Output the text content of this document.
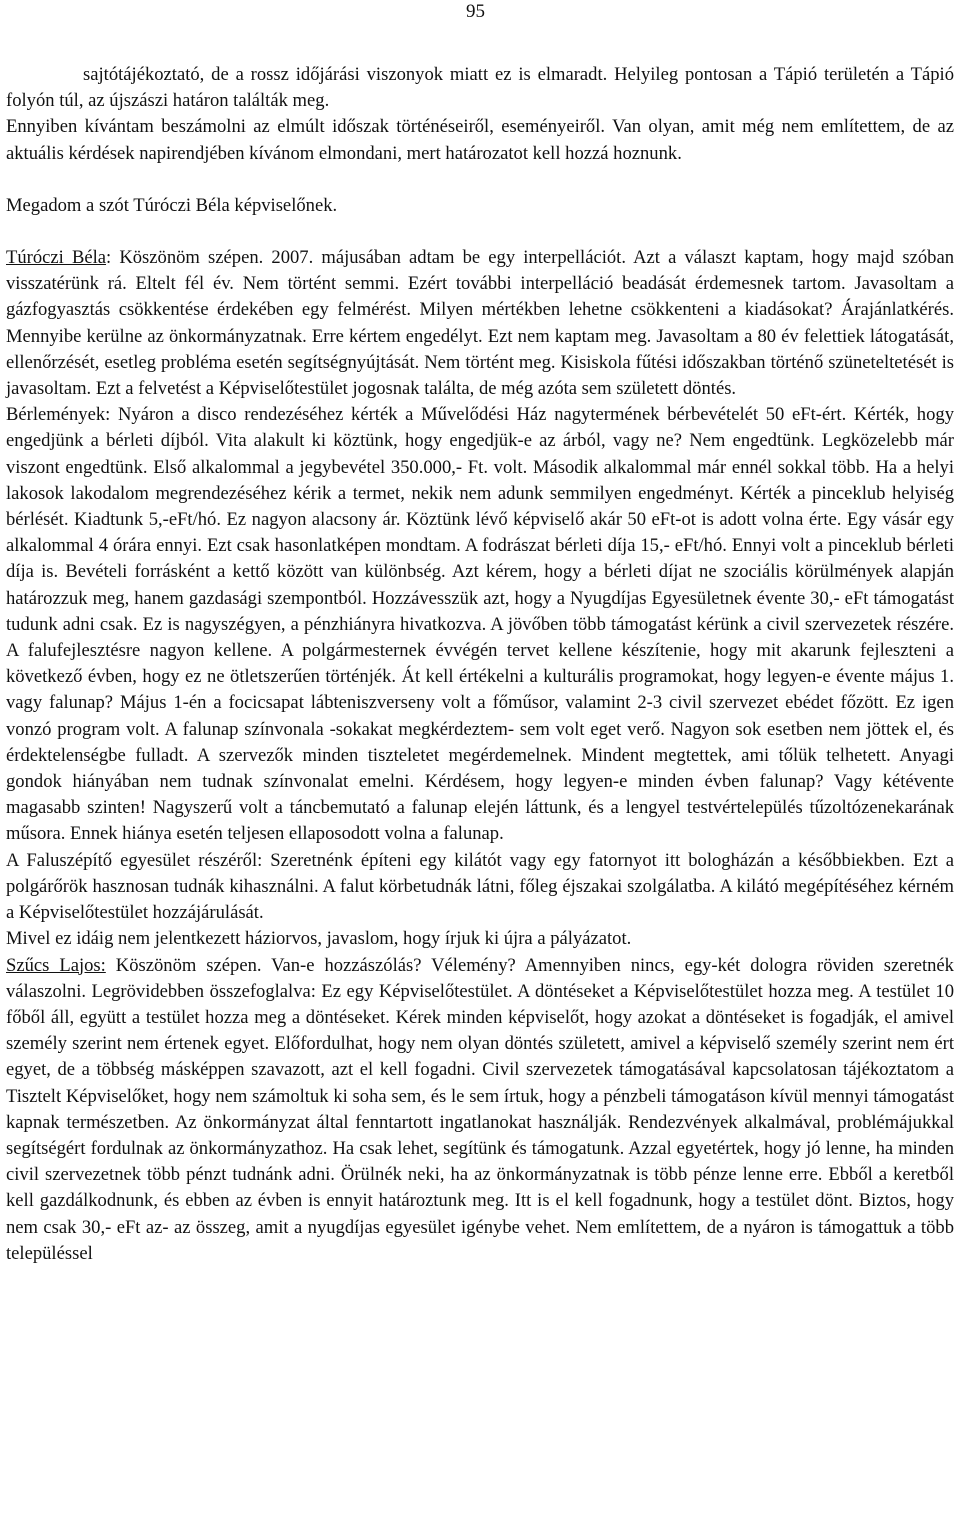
95

sajtótájékoztató, de a rossz időjárási viszonyok miatt ez is elmaradt. Helyileg pontosan a Tápió területén a Tápió folyón túl, az újszászi határon találták meg.

Ennyiben kívántam beszámolni az elmúlt időszak történéseiről, eseményeiről. Van olyan, amit még nem említettem, de az aktuális kérdések napirendjében kívánom elmondani, mert határozatot kell hozzá hoznunk.

Megadom a szót Túróczi Béla képviselőnek.

Túróczi Béla: Köszönöm szépen. 2007. májusában adtam be egy interpellációt. Azt a választ kaptam, hogy majd szóban visszatérünk rá. Eltelt fél év. Nem történt semmi. Ezért további interpelláció beadását érdemesnek tartom. Javasoltam a gázfogyasztás csökkentése érdekében egy felmérést. Milyen mértékben lehetne csökkenteni a kiadásokat? Árajánlatkérés. Mennyibe kerülne az önkormányzatnak. Erre kértem engedélyt. Ezt nem kaptam meg. Javasoltam a 80 év felettiek látogatását, ellenőrzését, esetleg probléma esetén segítségnyújtását. Nem történt meg. Kisiskola fűtési időszakban történő szüneteltetését is javasoltam. Ezt a felvetést a Képviselőtestület jogosnak találta, de még azóta sem született döntés.

Bérlemények: Nyáron a disco rendezéséhez kérték a Művelődési Ház nagytermének bérbevételét 50 eFt-ért. Kérték, hogy engedjünk a bérleti díjból. Vita alakult ki köztünk, hogy engedjük-e az árból, vagy ne? Nem engedtünk. Legközelebb már viszont engedtünk. Első alkalommal a jegybevétel 350.000,- Ft. volt. Második alkalommal már ennél sokkal több. Ha a helyi lakosok lakodalom megrendezéséhez kérik a termet, nekik nem adunk semmilyen engedményt. Kérték a pinceklub helyiség bérlését. Kiadtunk 5,-eFt/hó. Ez nagyon alacsony ár. Köztünk lévő képviselő akár 50 eFt-ot is adott volna érte. Egy vásár egy alkalommal 4 órára ennyi. Ezt csak hasonlatképen mondtam. A fodrászat bérleti díja 15,- eFt/hó. Ennyi volt a pinceklub bérleti díja is. Bevételi forrásként a kettő között van különbség. Azt kérem, hogy a bérleti díjat ne szociális körülmények alapján határozzuk meg, hanem gazdasági szempontból. Hozzávesszük azt, hogy a Nyugdíjas Egyesületnek évente 30,- eFt támogatást tudunk adni csak. Ez is nagyszégyen, a pénzhiányra hivatkozva. A jövőben több támogatást kérünk a civil szervezetek részére. A falufejlesztésre nagyon kellene. A polgármesternek évvégén tervet kellene készítenie, hogy mit akarunk fejleszteni a következő évben, hogy ez ne ötletszerűen történjék. Át kell értékelni a kulturális programokat, hogy legyen-e évente május 1. vagy falunap? Május 1-én a focicsapat lábteniszverseny volt a főműsor, valamint 2-3 civil szervezet ebédet főzött. Ez igen vonzó program volt. A falunap színvonala -sokakat megkérdeztem- sem volt eget verő. Nagyon sok esetben nem jöttek el, és érdektelenségbe fulladt. A szervezők minden tiszteletet megérdemelnek. Mindent megtettek, ami tőlük telhetett. Anyagi gondok hiányában nem tudnak színvonalat emelni. Kérdésem, hogy legyen-e minden évben falunap? Vagy kétévente magasabb szinten! Nagyszerű volt a táncbemutató a falunap elején láttunk, és a lengyel testvértelepülés tűzoltózenekarának műsora. Ennek hiánya esetén teljesen ellaposodott volna a falunap.

A Faluszépítő egyesület részéről: Szeretnénk építeni egy kilátót vagy egy fatornyot itt bologházán a későbbiekben. Ezt a polgárőrök hasznosan tudnák kihasználni. A falut körbetudnák látni, főleg éjszakai szolgálatba. A kilátó megépítéséhez kérném a Képviselőtestület hozzájárulását.

Mivel ez idáig nem jelentkezett háziorvos, javaslom, hogy írjuk ki újra a pályázatot.

Szűcs Lajos: Köszönöm szépen. Van-e hozzászólás? Vélemény? Amennyiben nincs, egy-két dologra röviden szeretnék válaszolni. Legrövidebben összefoglalva: Ez egy Képviselőtestület. A döntéseket a Képviselőtestület hozza meg. A testület 10 főből áll, együtt a testület hozza meg a döntéseket. Kérek minden képviselőt, hogy azokat a döntéseket is fogadják, el amivel személy szerint nem értenek egyet. Előfordulhat, hogy nem olyan döntés született, amivel a képviselő személy szerint nem ért egyet, de a többség másképpen szavazott, azt el kell fogadni. Civil szervezetek támogatásával kapcsolatosan tájékoztatom a Tisztelt Képviselőket, hogy nem számoltuk ki soha sem, és le sem írtuk, hogy a pénzbeli támogatáson kívül mennyi támogatást kapnak természetben. Az önkormányzat által fenntartott ingatlanokat használják. Rendezvények alkalmával, problémájukkal segítségért fordulnak az önkormányzathoz. Ha csak lehet, segítünk és támogatunk. Azzal egyetértek, hogy jó lenne, ha minden civil szervezetnek több pénzt tudnánk adni. Örülnék neki, ha az önkormányzatnak is több pénze lenne erre. Ebből a keretből kell gazdálkodnunk, és ebben az évben is ennyit határoztunk meg. Itt is el kell fogadnunk, hogy a testület dönt. Biztos, hogy nem csak 30,- eFt az- az összeg, amit a nyugdíjas egyesület igénybe vehet. Nem említettem, de a nyáron is támogattuk a több településsel
